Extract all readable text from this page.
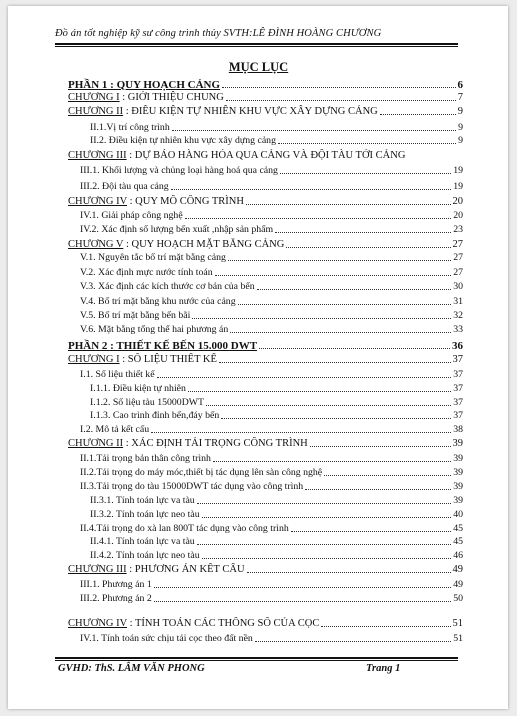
Đồ án tốt nghiệp kỹ sư công trình thủy SVTH:LÊ ĐÌNH HOÀNG CHƯƠNG
MỤC LỤC
PHẦN 1 : QUY HOẠCH CẢNG	6
CHƯƠNG I : GIỚI THIỆU CHUNG	7
CHƯƠNG II : ĐIỀU KIỆN TỰ NHIÊN KHU VỰC XÂY DỰNG CẢNG	9
II.1.Vị trí công trình	9
II.2. Điều kiện tự nhiên khu vực xây dựng cảng	9
CHƯƠNG III : DỰ BÁO HÀNG HÓA QUA CẢNG VÀ ĐỘI TÀU TỚI CẢNG
III.1. Khối lượng và chủng loại hàng hoá qua cảng	19
III.2. Đội tàu qua cảng	19
CHƯƠNG IV : QUY MÔ CÔNG TRÌNH	20
IV.1. Giải pháp công nghệ	20
IV.2. Xác định số lượng bến xuất ,nhập sản phẩm	23
CHƯƠNG V : QUY HOẠCH MẶT BẰNG CẢNG	27
V.1. Nguyên tắc bố trí mặt bằng cảng	27
V.2. Xác định mực nước tính toán	27
V.3. Xác định các kích thước cơ bản của bến	30
V.4. Bố trí mặt bằng khu nước của cảng	31
V.5. Bố trí mặt bằng bến bãi	32
V.6. Mặt bằng tổng thể hai phương án	33
PHẦN 2 : THIẾT KẾ BẾN 15.000 DWT	36
CHƯƠNG I : SỐ LIỆU THIẾT KẾ	37
I.1. Số liệu thiết kế	37
I.1.1. Điều kiện tự nhiên	37
I.1.2. Số liệu tàu 15000DWT	37
I.1.3. Cao trình đỉnh bến,đáy bến	37
I.2. Mô tả kết cấu	38
CHƯƠNG II : XÁC ĐỊNH TẢI TRỌNG CÔNG TRÌNH	39
II.1.Tải trọng bản thân công trình	39
II.2.Tải trọng do máy móc,thiết bị tác dụng lên sàn công nghệ	39
II.3.Tải trọng do tàu 15000DWT tác dụng vào công trình	39
II.3.1. Tính toán lực va tàu	39
II.3.2. Tính toán lực neo tàu	40
II.4.Tải trọng do xà lan 800T tác dụng vào công trình	45
II.4.1. Tính toán lực va tàu	45
II.4.2. Tính toán lực neo tàu	46
CHƯƠNG III : PHƯƠNG ÁN KẾT CẤU	49
III.1. Phương án 1	49
III.2. Phương án 2	50
CHƯƠNG IV : TÍNH TOÁN CÁC THÔNG SỐ CỦA CỌC	51
IV.1. Tính toán sức chịu tải cọc theo đất nền	51
GVHD: ThS. LÂM VĂN PHONG	Trang 1
